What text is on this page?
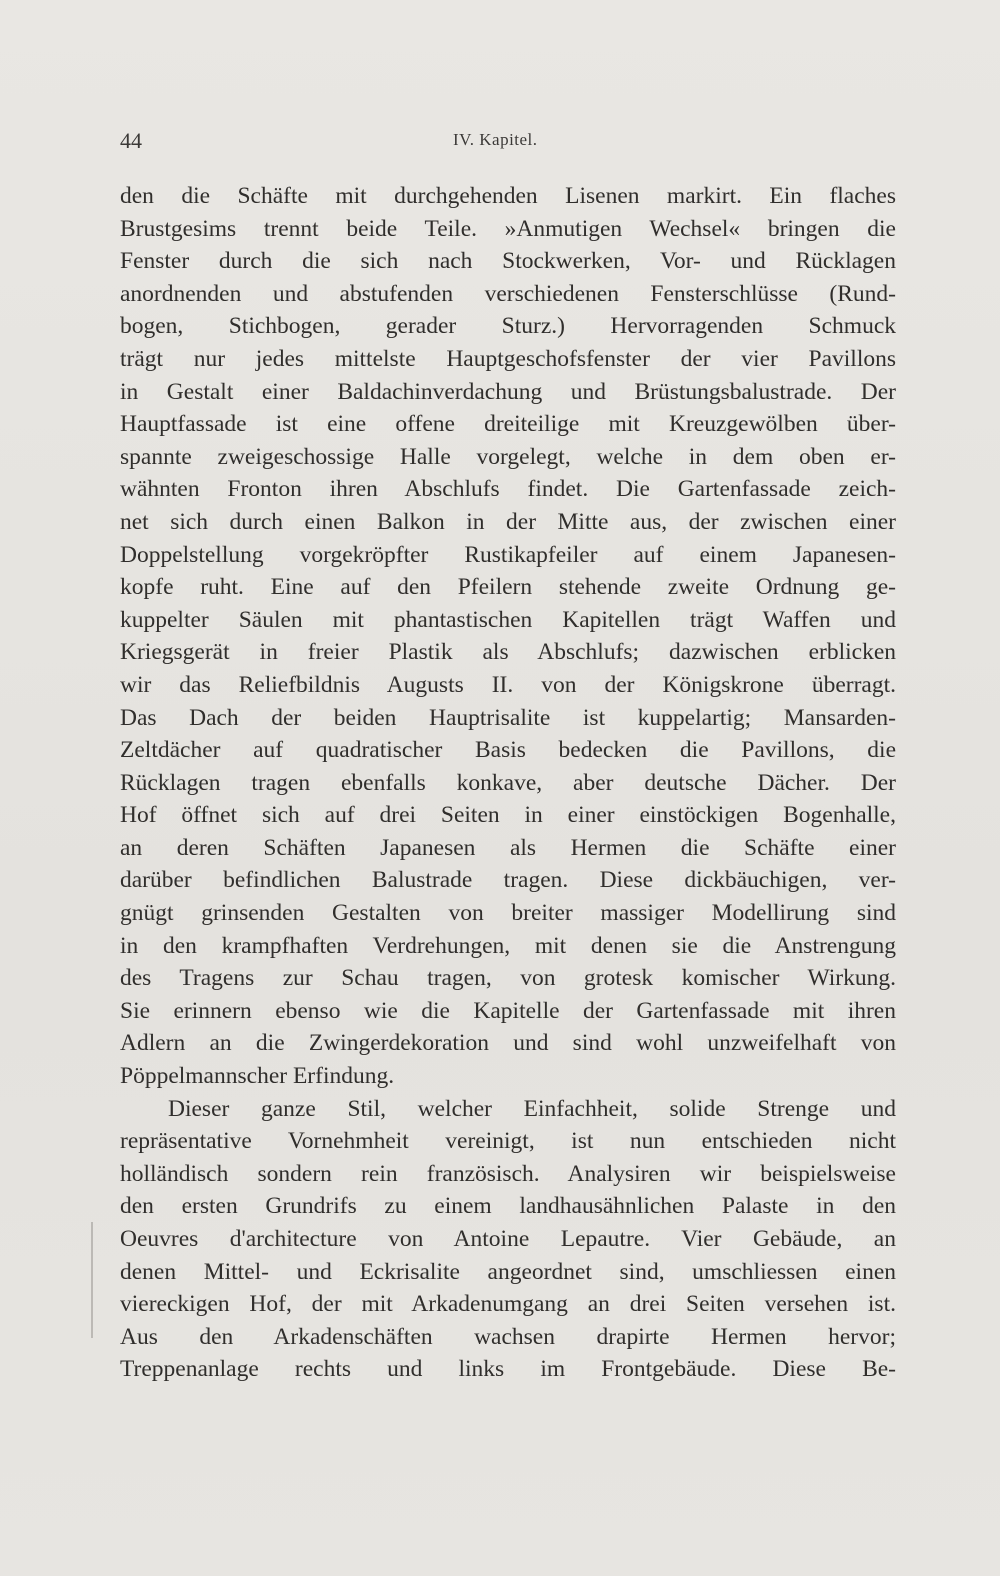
44	IV. Kapitel.
den die Schäfte mit durchgehenden Lisenen markirt. Ein flaches
Brustgesims trennt beide Teile. »Anmutigen Wechsel« bringen die
Fenster durch die sich nach Stockwerken, Vor- und Rücklagen
anordnenden und abstufenden verschiedenen Fensterschlüsse (Rund-
bogen, Stichbogen, gerader Sturz.) Hervorragenden Schmuck
trägt nur jedes mittelste Hauptgeschofsfenster der vier Pavillons
in Gestalt einer Baldachinverdachung und Brüstungsbalustrade. Der
Hauptfassade ist eine offene dreiteilige mit Kreuzgewölben über-
spannte zweigeschossige Halle vorgelegt, welche in dem oben er-
wähnten Fronton ihren Abschlufs findet. Die Gartenfassade zeich-
net sich durch einen Balkon in der Mitte aus, der zwischen einer
Doppelstellung vorgekröpfter Rustikapfeiler auf einem Japanesen-
kopfe ruht. Eine auf den Pfeilern stehende zweite Ordnung ge-
kuppelter Säulen mit phantastischen Kapitellen trägt Waffen und
Kriegsgerät in freier Plastik als Abschlufs; dazwischen erblicken
wir das Reliefbildnis Augusts II. von der Königskrone überragt.
Das Dach der beiden Hauptrisalite ist kuppelartig; Mansarden-
Zeltdächer auf quadratischer Basis bedecken die Pavillons, die
Rücklagen tragen ebenfalls konkave, aber deutsche Dächer. Der
Hof öffnet sich auf drei Seiten in einer einstöckigen Bogenhalle,
an deren Schäften Japanesen als Hermen die Schäfte einer
darüber befindlichen Balustrade tragen. Diese dickbäuchigen, ver-
gnügt grinsenden Gestalten von breiter massiger Modellirung sind
in den krampfhaften Verdrehungen, mit denen sie die Anstrengung
des Tragens zur Schau tragen, von grotesk komischer Wirkung.
Sie erinnern ebenso wie die Kapitelle der Gartenfassade mit ihren
Adlern an die Zwingerdekoration und sind wohl unzweifelhaft von
Pöppelmannscher Erfindung.
Dieser ganze Stil, welcher Einfachheit, solide Strenge und
repräsentative Vornehmheit vereinigt, ist nun entschieden nicht
holländisch sondern rein französisch. Analysiren wir beispielsweise
den ersten Grundrifs zu einem landhausähnlichen Palaste in den
Oeuvres d'architecture von Antoine Lepautre. Vier Gebäude, an
denen Mittel- und Eckrisalite angeordnet sind, umschliessen einen
viereckigen Hof, der mit Arkadenumgang an drei Seiten versehen ist.
Aus den Arkadenschäften wachsen drapirte Hermen hervor;
Treppenanlage rechts und links im Frontgebäude. Diese Be-
